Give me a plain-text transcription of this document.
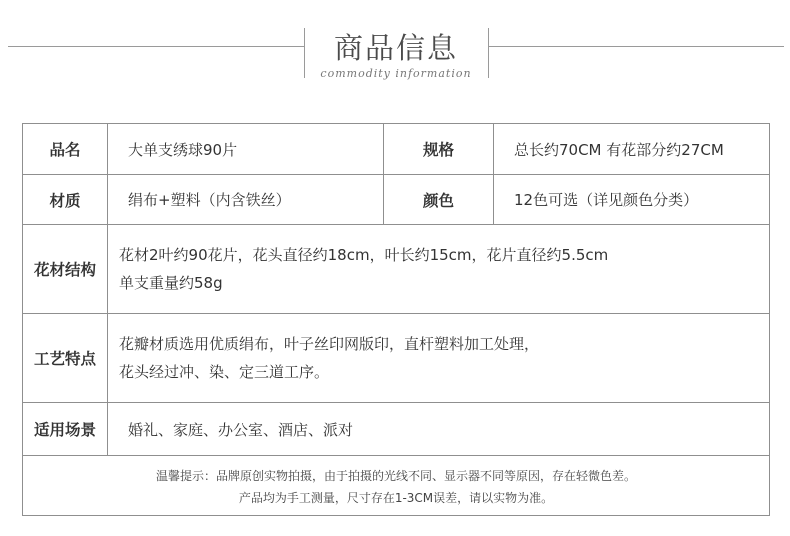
商品信息
commodity information
品名	大单支绣球90片	规格	总长约70CM 有花部分约27CM
材质	绢布+塑料（内含铁丝）	颜色	12色可选（详见颜色分类）
花材结构	花材2叶约90花片，花头直径约18cm，叶长约15cm，花片直径约5.5cm
单支重量约58g		

工艺特点	花瓣材质选用优质绢布，叶子丝印网版印，直杆塑料加工处理，
花头经过冲、染、定三道工序。		

适用场景	婚礼、家庭、办公室、酒店、派对		

温馨提示：品牌原创实物拍摄，由于拍摄的光线不同、显示器不同等原因，存在轻微色差。
产品均为手工测量，尺寸存在1-3CM误差，请以实物为准。			
